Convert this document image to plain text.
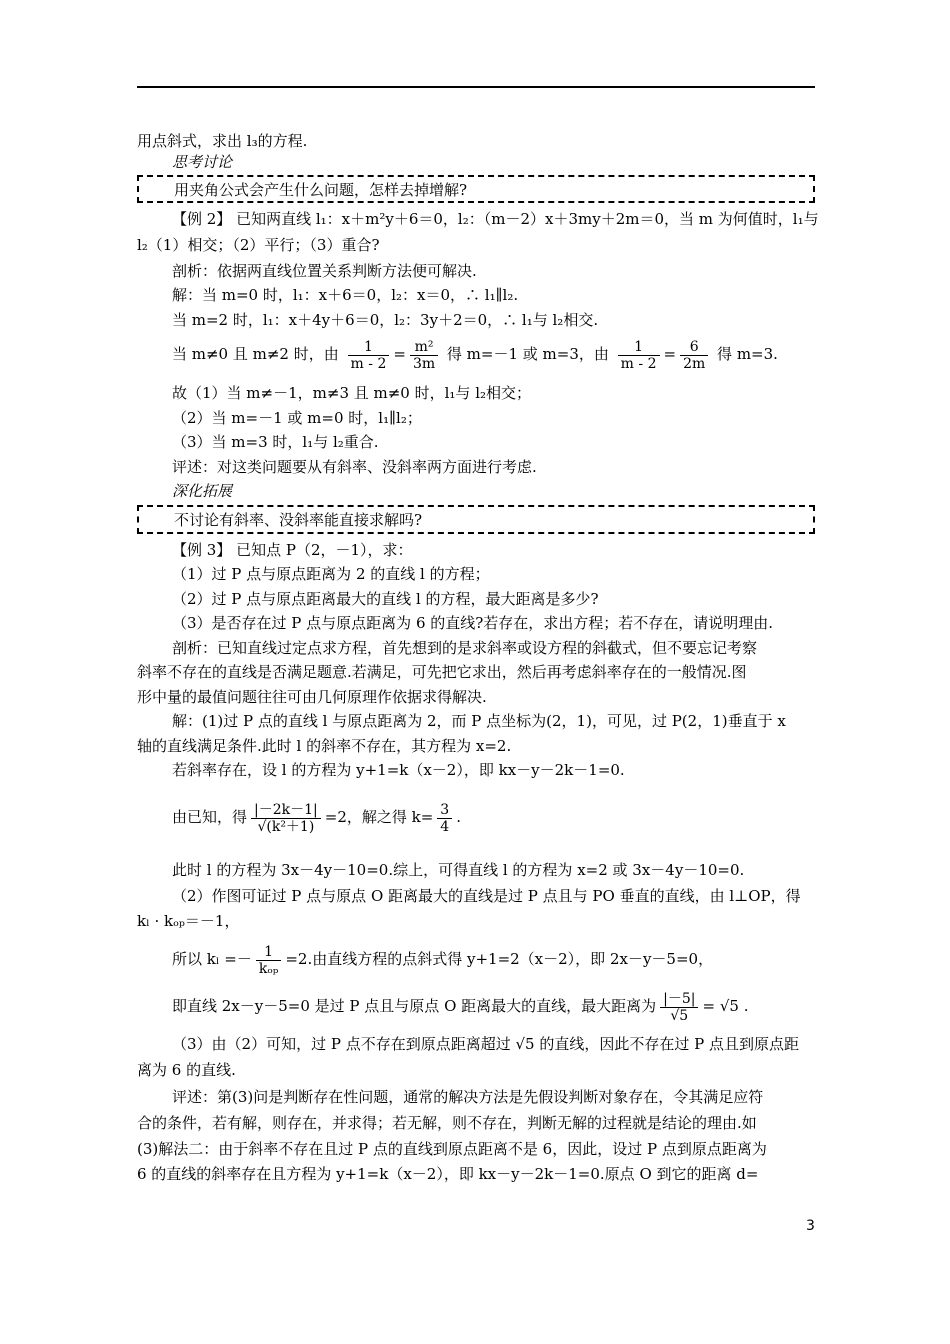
用点斜式，求出 l₃的方程.
思考讨论
用夹角公式会产生什么问题，怎样去掉增解?
【例 2】 已知两直线 l₁：x＋m²y＋6＝0，l₂：（m－2）x＋3my＋2m＝0，当 m 为何值时，l₁与
l₂（1）相交；（2）平行；（3）重合?
剖析：依据两直线位置关系判断方法便可解决.
解：当 m=0 时，l₁：x＋6＝0，l₂：x＝0，∴ l₁∥l₂.
当 m=2 时，l₁：x＋4y＋6＝0，l₂：3y＋2＝0，∴ l₁与 l₂相交.
当 m≠0 且 m≠2 时，由 $\frac{1}{m - 2} = \frac{\text{m²}}{3m}$ 得 m=－1 或 m=3，由 $\frac{1}{m - 2} = \frac{6}{2m}$ 得 m=3.
故（1）当 m≠－1，m≠3 且 m≠0 时，l₁与 l₂相交；
（2）当 m=－1 或 m=0 时，l₁∥l₂；
（3）当 m=3 时，l₁与 l₂重合.
评述：对这类问题要从有斜率、没斜率两方面进行考虑.
深化拓展
不讨论有斜率、没斜率能直接求解吗?
【例 3】 已知点 P（2，－1），求：
（1）过 P 点与原点距离为 2 的直线 l 的方程；
（2）过 P 点与原点距离最大的直线 l 的方程，最大距离是多少?
（3）是否存在过 P 点与原点距离为 6 的直线?若存在，求出方程；若不存在，请说明理由.
剖析：已知直线过定点求方程，首先想到的是求斜率或设方程的斜截式，但不要忘记考察
斜率不存在的直线是否满足题意.若满足，可先把它求出，然后再考虑斜率存在的一般情况.图
形中量的最值问题往往可由几何原理作依据求得解决.
解：(1)过 P 点的直线 l 与原点距离为 2，而 P 点坐标为(2，1)，可见，过 P(2，1)垂直于 x
轴的直线满足条件.此时 l 的斜率不存在，其方程为 x=2.
若斜率存在，设 l 的方程为 y+1=k（x－2），即 kx－y－2k－1=0.
由已知，得 $\frac{|-2k-1|}{\text{√(k²＋1)}} =2$，解之得 $k= \frac{3}{4}$ .
此时 l 的方程为 3x－4y－10=0.综上，可得直线 l 的方程为 x=2 或 3x－4y－10=0.
（2）作图可证过 P 点与原点 O 距离最大的直线是过 P 点且与 PO 垂直的直线，由 l⊥OP，得
kₗ · kₒₚ＝－1，
所以 $k_l =- \frac{1}{\text{kₒₚ}} =2$.由直线方程的点斜式得 y+1=2（x－2），即 2x－y－5=0，
即直线 2x－y－5=0 是过 P 点且与原点 O 距离最大的直线，最大距离为 $\frac{|-5|}{√5} = √5$ .
（3）由（2）可知，过 P 点不存在到原点距离超过 √5 的直线，因此不存在过 P 点且到原点距
离为 6 的直线.
评述：第(3)问是判断存在性问题，通常的解决方法是先假设判断对象存在，令其满足应符
合的条件，若有解，则存在，并求得；若无解，则不存在，判断无解的过程就是结论的理由.如
(3)解法二：由于斜率不存在且过 P 点的直线到原点距离不是 6，因此，设过 P 点到原点距离为
6 的直线的斜率存在且方程为 y+1=k（x－2），即 kx－y－2k－1=0.原点 O 到它的距离 d=
3
